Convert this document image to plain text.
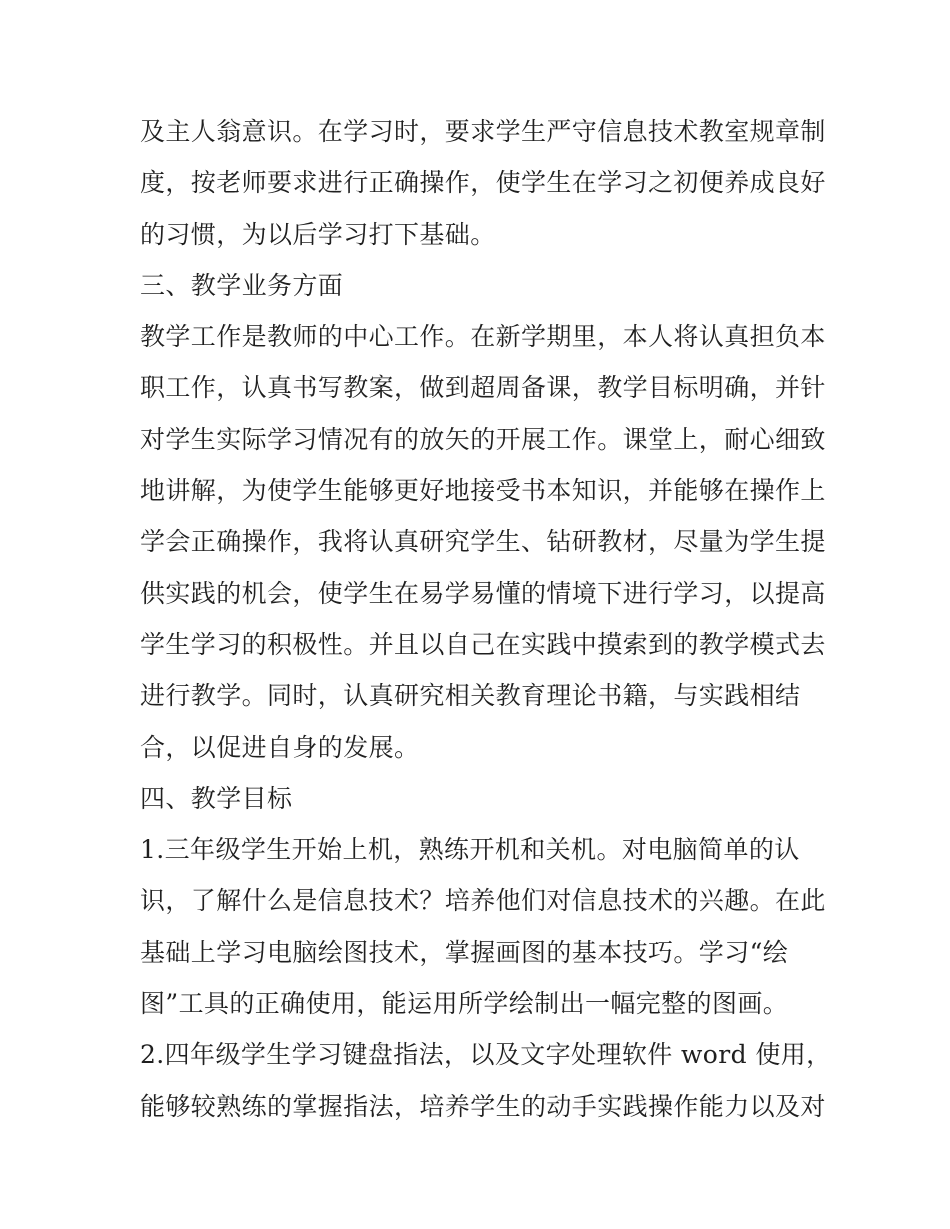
及主人翁意识。在学习时，要求学生严守信息技术教室规章制
度，按老师要求进行正确操作，使学生在学习之初便养成良好
的习惯，为以后学习打下基础。
三、教学业务方面
教学工作是教师的中心工作。在新学期里，本人将认真担负本
职工作，认真书写教案，做到超周备课，教学目标明确，并针
对学生实际学习情况有的放矢的开展工作。课堂上，耐心细致
地讲解，为使学生能够更好地接受书本知识，并能够在操作上
学会正确操作，我将认真研究学生、钻研教材，尽量为学生提
供实践的机会，使学生在易学易懂的情境下进行学习，以提高
学生学习的积极性。并且以自己在实践中摸索到的教学模式去
进行教学。同时，认真研究相关教育理论书籍，与实践相结
合，以促进自身的发展。
四、教学目标
1.三年级学生开始上机，熟练开机和关机。对电脑简单的认
识，了解什么是信息技术？培养他们对信息技术的兴趣。在此
基础上学习电脑绘图技术，掌握画图的基本技巧。学习“绘
图”工具的正确使用，能运用所学绘制出一幅完整的图画。
2.四年级学生学习键盘指法，以及文字处理软件 word 使用，
能够较熟练的掌握指法，培养学生的动手实践操作能力以及对
